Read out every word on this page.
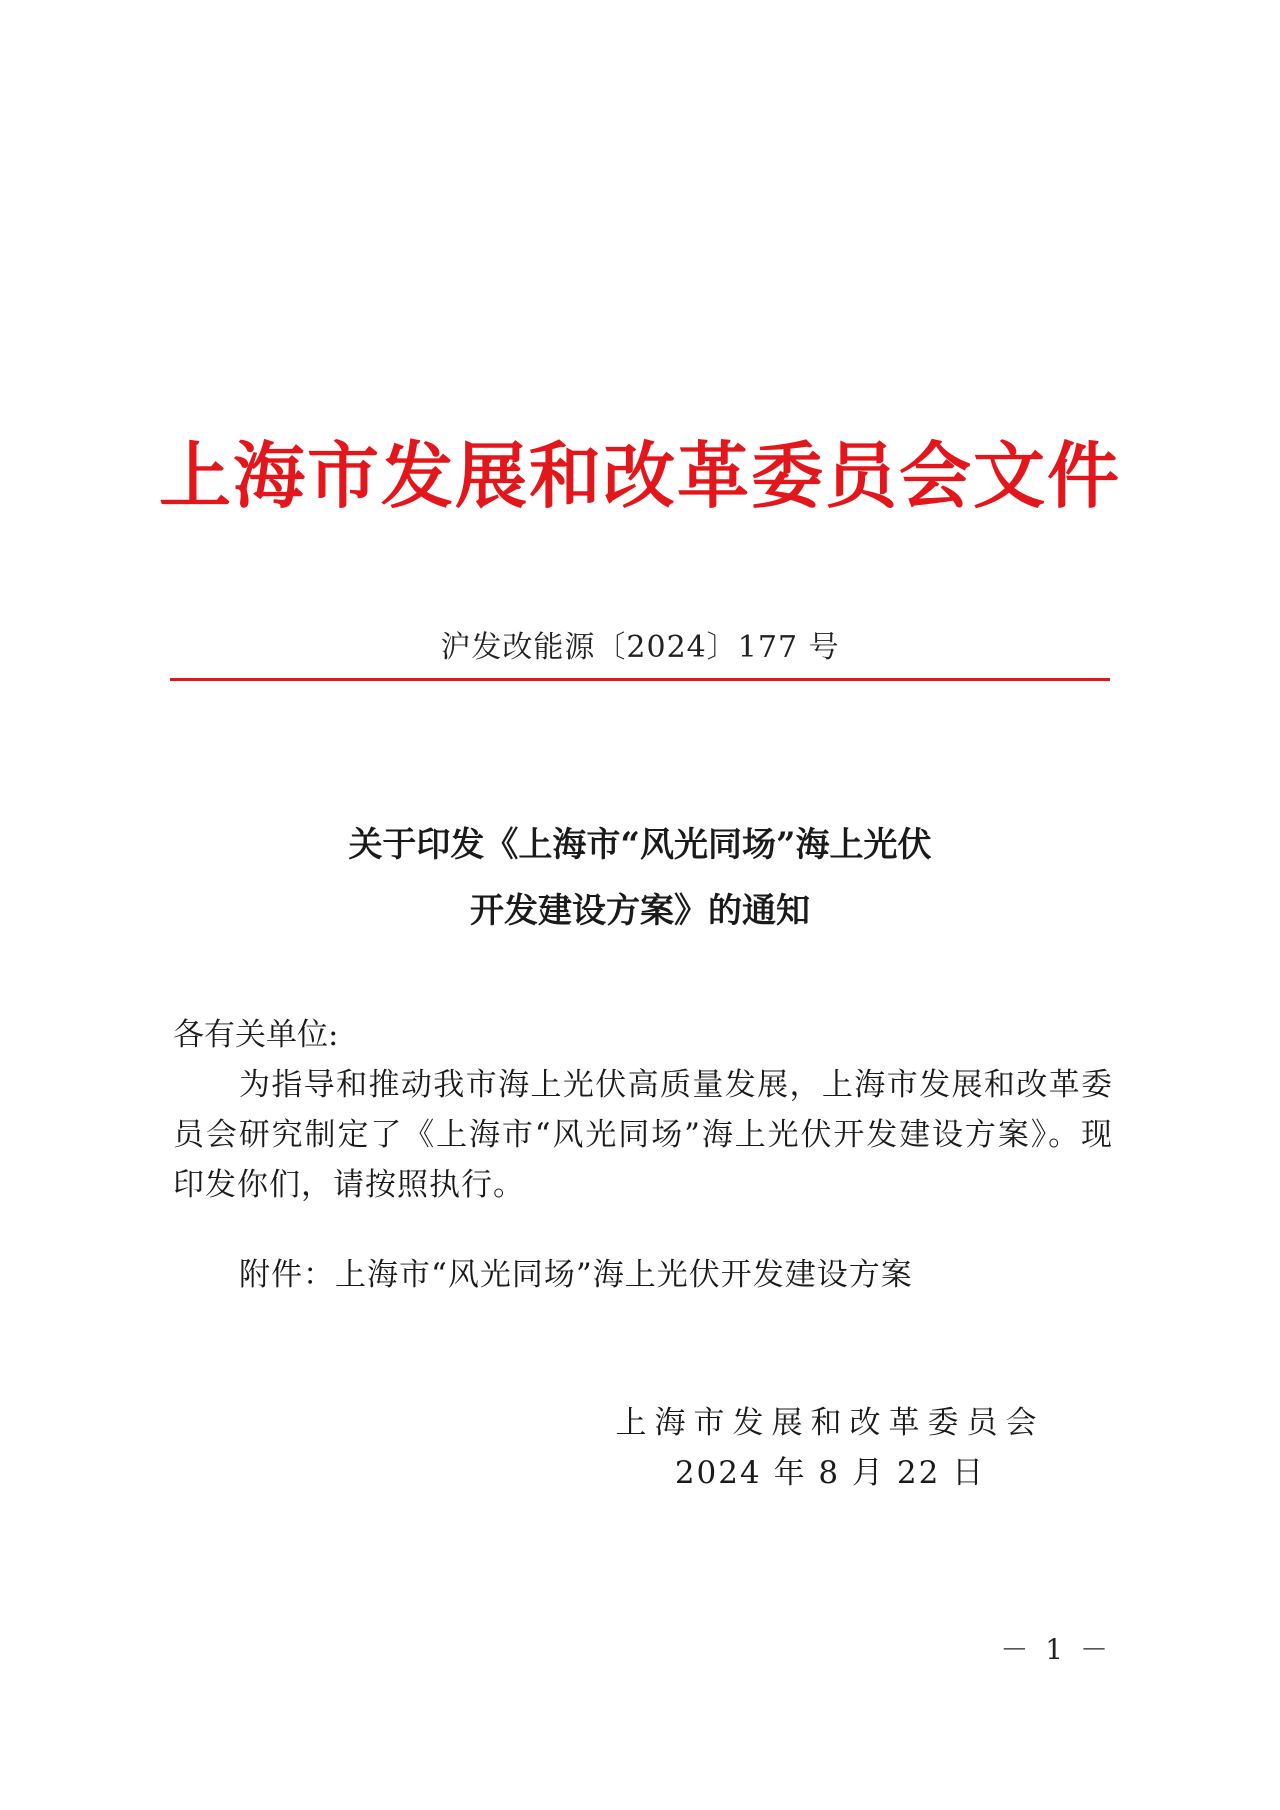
上海市发展和改革委员会文件
沪发改能源〔2024〕177 号
关于印发《上海市“风光同场”海上光伏
开发建设方案》的通知

各有关单位:

为指导和推动我市海上光伏高质量发展，上海市发展和改革委员会研究制定了《上海市“风光同场”海上光伏开发建设方案》。现印发你们，请按照执行。

附件：上海市“风光同场”海上光伏开发建设方案
上海市发展和改革委员会
2024 年 8 月 22 日
－ 1 －
